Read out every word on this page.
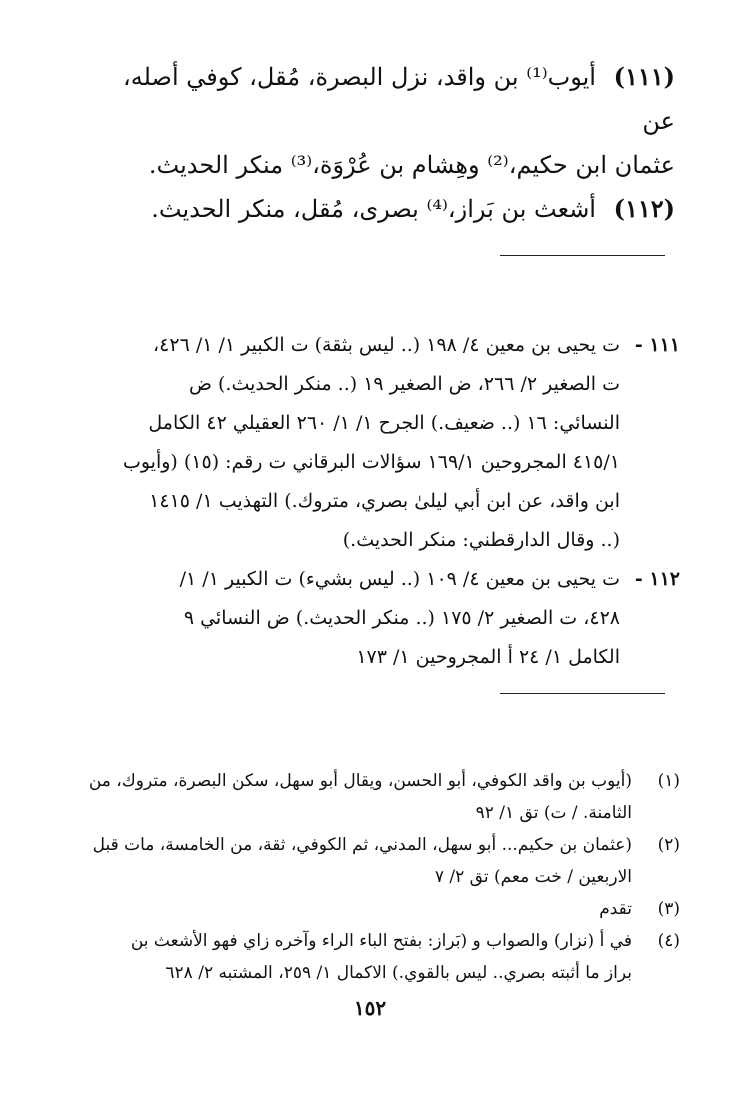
(١١١) أيوب⁽¹⁾ بن واقد، نزل البصرة، مُقل، كوفي أصله، عن

عثمان ابن حكيم،⁽²⁾ وهِشام بن عُرْوَة،⁽³⁾ منكر الحديث.

(١١٢) أشعث بن بَراز،⁽⁴⁾ بصرى، مُقل، منكر الحديث.

١١١ -
ت يحيى بن معين ٤/ ١٩٨ (.. ليس بثقة) ت الكبير ١/ ١/ ٤٢٦،
ت الصغير ٢/ ٢٦٦، ض الصغير ١٩ (.. منكر الحديث.) ض
النسائي: ١٦ (.. ضعيف.) الجرح ١/ ١/ ٢٦٠ العقيلي ٤٢ الكامل
٤١٥/١ المجروحين ١٦٩/١ سؤالات البرقاني ت رقم: (١٥) (وأيوب
ابن واقد، عن ابن أبي ليلىٰ بصري، متروك.) التهذيب ١/ ١٤١٥
(.. وقال الدارقطني: منكر الحديث.)
١١٢ -
ت يحيى بن معين ٤/ ١٠٩ (.. ليس بشيء) ت الكبير ١/ ١/
٤٢٨، ت الصغير ٢/ ١٧٥ (.. منكر الحديث.) ض النسائي ٩
الكامل ١/ ٢٤ أ المجروحين ١/ ١٧٣
(١)
(أيوب بن واقد الكوفي، أبو الحسن، ويقال أبو سهل، سكن البصرة، متروك، من
الثامنة. / ت) تق ١/ ٩٢
(٢)
(عثمان بن حكيم... أبو سهل، المدني، ثم الكوفي، ثقة، من الخامسة، مات قبل
الاربعين / خت معم) تق ٢/ ٧
(٣)
تقدم
(٤)
في أ (نزار) والصواب و (بَراز: بفتح الباء الراء وآخره زاي فهو الأشعث بن
براز ما أثبته بصري.. ليس بالقوي.) الاكمال ١/ ٢٥٩، المشتبه ٢/ ٦٢٨
١٥٢
